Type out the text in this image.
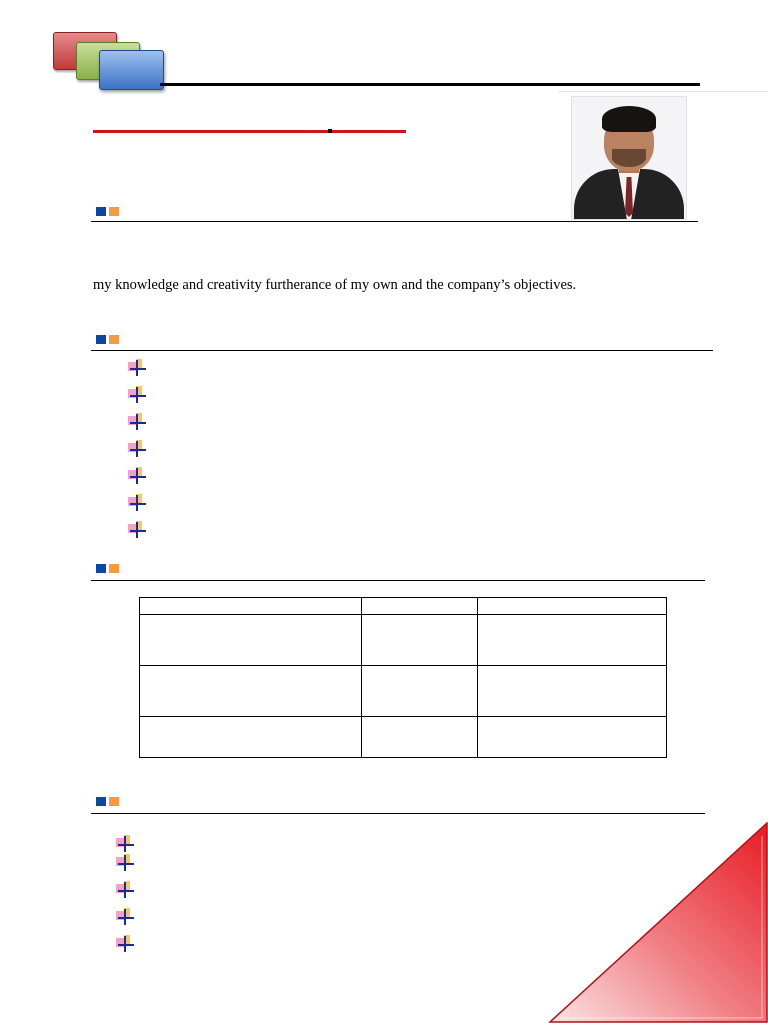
my knowledge and creativity furtherance of my own and the company’s objectives.
